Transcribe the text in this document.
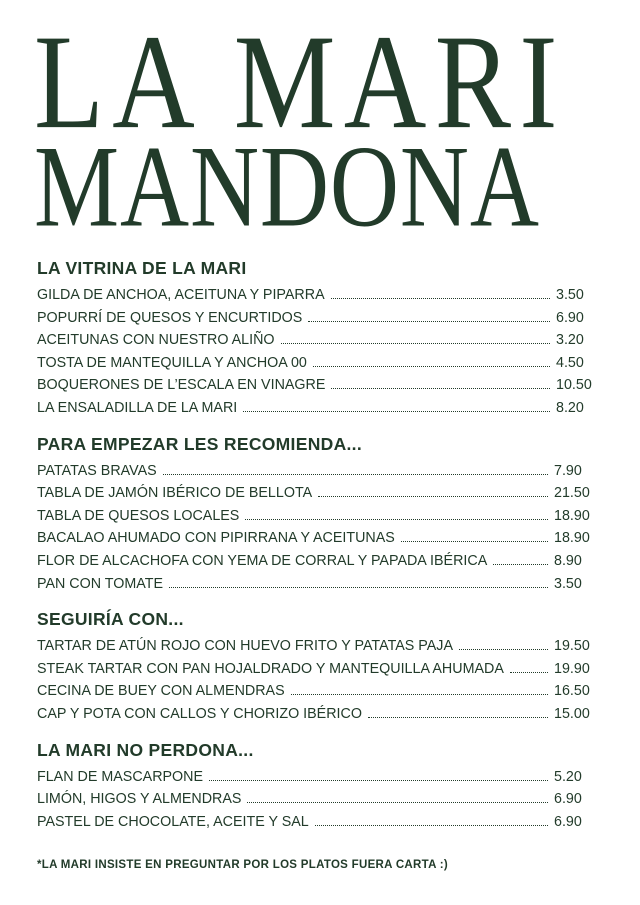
LA MARI
MANDONA
LA VITRINA DE LA MARI
GILDA DE ANCHOA, ACEITUNA Y PIPARRA	3.50
POPURRÍ DE QUESOS Y ENCURTIDOS	6.90
ACEITUNAS CON NUESTRO ALIÑO	3.20
TOSTA DE MANTEQUILLA Y ANCHOA 00	4.50
BOQUERONES DE L’ESCALA EN VINAGRE	10.50
LA ENSALADILLA DE LA MARI	8.20
PARA EMPEZAR LES RECOMIENDA...
PATATAS BRAVAS	7.90
TABLA DE JAMÓN IBÉRICO DE BELLOTA	21.50
TABLA DE QUESOS LOCALES	18.90
BACALAO AHUMADO CON PIPIRRANA Y ACEITUNAS	18.90
FLOR DE ALCACHOFA CON YEMA DE CORRAL Y PAPADA IBÉRICA	8.90
PAN CON TOMATE	3.50
SEGUIRÍA CON...
TARTAR DE ATÚN ROJO CON HUEVO FRITO Y PATATAS PAJA	19.50
STEAK TARTAR CON PAN HOJALDRADO Y MANTEQUILLA AHUMADA	19.90
CECINA DE BUEY CON ALMENDRAS	16.50
CAP Y POTA CON CALLOS Y CHORIZO IBÉRICO	15.00
LA MARI NO PERDONA...
FLAN DE MASCARPONE	5.20
LIMÓN, HIGOS Y ALMENDRAS	6.90
PASTEL DE CHOCOLATE, ACEITE Y SAL	6.90
*LA MARI INSISTE EN PREGUNTAR POR LOS PLATOS FUERA CARTA :)
